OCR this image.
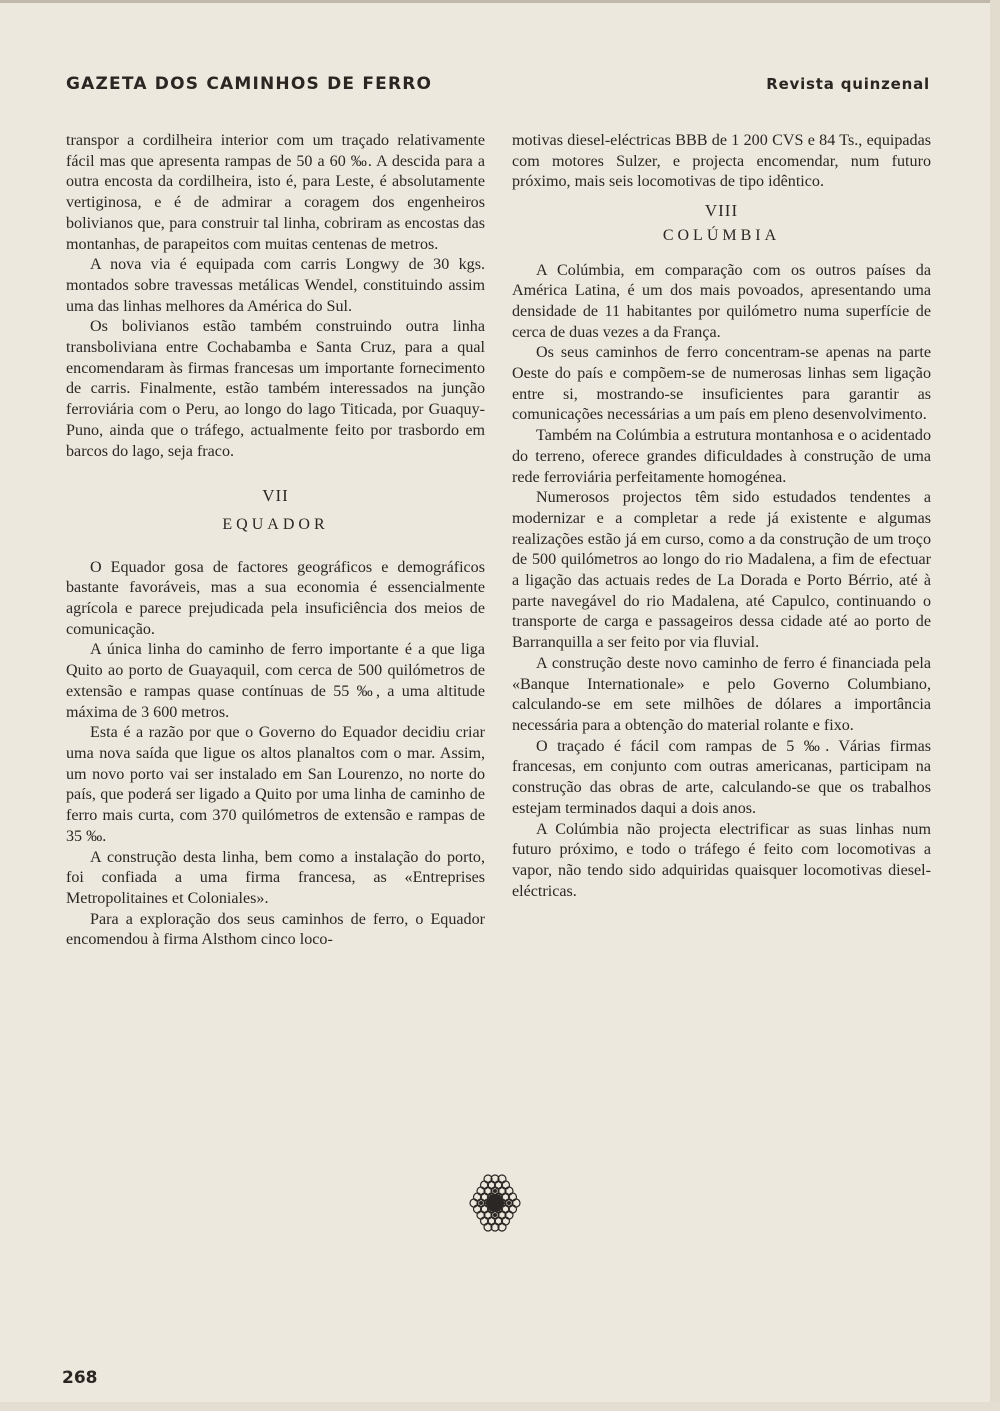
GAZETA DOS CAMINHOS DE FERRO	Revista quinzenal

transpor a cordilheira interior com um traçado relativamente fácil mas que apresenta rampas de 50 a 60 ‰. A descida para a outra encosta da cordilheira, isto é, para Leste, é absolutamente vertiginosa, e é de admirar a coragem dos engenheiros bolivianos que, para construir tal linha, cobriram as encostas das montanhas, de parapeitos com muitas centenas de metros.

A nova via é equipada com carris Longwy de 30 kgs. montados sobre travessas metálicas Wendel, constituindo assim uma das linhas melhores da América do Sul.

Os bolivianos estão também construindo outra linha transboliviana entre Cochabamba e Santa Cruz, para a qual encomendaram às firmas francesas um importante fornecimento de carris. Finalmente, estão também interessados na junção ferroviária com o Peru, ao longo do lago Titicada, por Guaquy-Puno, ainda que o tráfego, actualmente feito por trasbordo em barcos do lago, seja fraco.

VII
EQUADOR

O Equador gosa de factores geográficos e demográficos bastante favoráveis, mas a sua economia é essencialmente agrícola e parece prejudicada pela insuficiência dos meios de comunicação.

A única linha do caminho de ferro importante é a que liga Quito ao porto de Guayaquil, com cerca de 500 quilómetros de extensão e rampas quase contínuas de 55 ‰, a uma altitude máxima de 3 600 metros.

Esta é a razão por que o Governo do Equador decidiu criar uma nova saída que ligue os altos planaltos com o mar. Assim, um novo porto vai ser instalado em San Lourenzo, no norte do país, que poderá ser ligado a Quito por uma linha de caminho de ferro mais curta, com 370 quilómetros de extensão e rampas de 35 ‰.

A construção desta linha, bem como a instalação do porto, foi confiada a uma firma francesa, as «Entreprises Metropolitaines et Coloniales».

Para a exploração dos seus caminhos de ferro, o Equador encomendou à firma Alsthom cinco loco-

motivas diesel-eléctricas BBB de 1 200 CVS e 84 Ts., equipadas com motores Sulzer, e projecta encomendar, num futuro próximo, mais seis locomotivas de tipo idêntico.

VIII
COLÚMBIA

A Colúmbia, em comparação com os outros países da América Latina, é um dos mais povoados, apresentando uma densidade de 11 habitantes por quilómetro numa superfície de cerca de duas vezes a da França.

Os seus caminhos de ferro concentram-se apenas na parte Oeste do país e compõem-se de numerosas linhas sem ligação entre si, mostrando-se insuficientes para garantir as comunicações necessárias a um país em pleno desenvolvimento.

Também na Colúmbia a estrutura montanhosa e o acidentado do terreno, oferece grandes dificuldades à construção de uma rede ferroviária perfeitamente homogénea.

Numerosos projectos têm sido estudados tendentes a modernizar e a completar a rede já existente e algumas realizações estão já em curso, como a da construção de um troço de 500 quilómetros ao longo do rio Madalena, a fim de efectuar a ligação das actuais redes de La Dorada e Porto Bérrio, até à parte navegável do rio Madalena, até Capulco, continuando o transporte de carga e passageiros dessa cidade até ao porto de Barranquilla a ser feito por via fluvial.

A construção deste novo caminho de ferro é financiada pela «Banque Internationale» e pelo Governo Columbiano, calculando-se em sete milhões de dólares a importância necessária para a obtenção do material rolante e fixo.

O traçado é fácil com rampas de 5 ‰. Várias firmas francesas, em conjunto com outras americanas, participam na construção das obras de arte, calculando-se que os trabalhos estejam terminados daqui a dois anos.

A Colúmbia não projecta electrificar as suas linhas num futuro próximo, e todo o tráfego é feito com locomotivas a vapor, não tendo sido adquiridas quaisquer locomotivas diesel-eléctricas.

268
